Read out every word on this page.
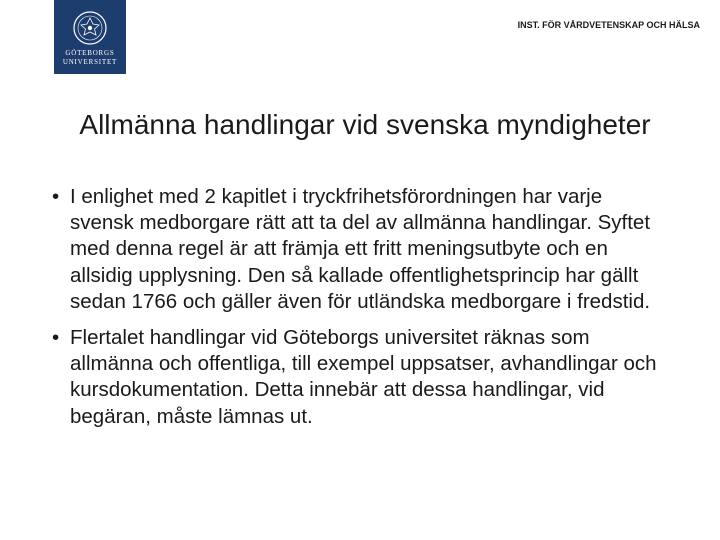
GÖTEBORGS
UNIVERSITET
INST. FÖR VÅRDVETENSKAP OCH HÄLSA
Allmänna handlingar vid svenska myndigheter
• I enlighet med 2 kapitlet i tryckfrihetsförordningen har varje svensk medborgare rätt att ta del av allmänna handlingar. Syftet med denna regel är att främja ett fritt meningsutbyte och en allsidig upplysning. Den så kallade offentlighetsprincip har gällt sedan 1766 och gäller även för utländska medborgare i fredstid.
• Flertalet handlingar vid Göteborgs universitet räknas som allmänna och offentliga, till exempel uppsatser, avhandlingar och kursdokumentation. Detta innebär att dessa handlingar, vid begäran, måste lämnas ut.
